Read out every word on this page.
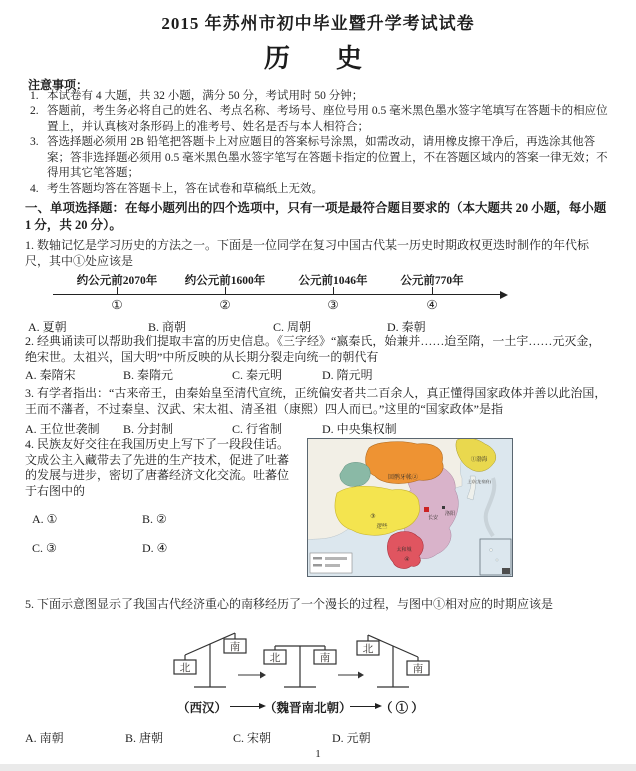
2015 年苏州市初中毕业暨升学考试试卷
历　史
注意事项：
1. 本试卷有 4 大题，共 32 小题，满分 50 分，考试用时 50 分钟；
2. 答题前，考生务必将自己的姓名、考点名称、考场号、座位号用 0.5 毫米黑色墨水签字笔填写在答题卡的相应位置上，并认真核对条形码上的准考号、姓名是否与本人相符合；
3. 答选择题必须用 2B 铅笔把答题卡上对应题目的答案标号涂黑，如需改动，请用橡皮擦干净后，再选涂其他答案；答非选择题必须用 0.5 毫米黑色墨水签字笔写在答题卡指定的位置上，不在答题区域内的答案一律无效；不得用其它笔答题；
4. 考生答题均答在答题卡上，答在试卷和草稿纸上无效。
一、单项选择题：在每小题列出的四个选项中，只有一项是最符合题目要求的（本大题共 20 小题，每小题 1 分，共 20 分）。
1. 数轴记忆是学习历史的方法之一。下面是一位同学在复习中国古代某一历史时期政权更迭时制作的年代标尺，其中①处应该是
约公元前2070年	约公元前1600年	公元前1046年	公元前770年
①	②	③	④
A. 夏朝	B. 商朝	C. 周朝	D. 秦朝
2. 经典诵读可以帮助我们提取丰富的历史信息。《三字经》“嬴秦氏，始兼并……迨至隋，一土宇……元灭金，绝宋世。太祖兴，国大明”中所反映的从长期分裂走向统一的朝代有
A. 秦隋宋	B. 秦隋元	C. 秦元明	D. 隋元明
3. 有学者指出：“古来帝王，由秦始皇至清代宣统，正统偏安者共二百余人，真正懂得国家政体并善以此治国，王而不藩者，不过秦皇、汉武、宋太祖、清圣祖（康熙）四人而已。”这里的“国家政体”是指
A. 王位世袭制 B. 分封制	C. 行省制	D. 中央集权制
4. 民族友好交往在我国历史上写下了一段段佳话。文成公主入藏带去了先进的生产技术，促进了吐蕃的发展与进步，密切了唐蕃经济文化交流。吐蕃位于右图中的
A. ①	B. ②
C. ③	D. ④
回鹘牙帐②
①渤海
上京(龙泉府)
③
逻些
长安
洛阳
太和城
④
5. 下面示意图显示了我国古代经济重心的南移经历了一个漫长的过程，与图中①相对应的时期应该是
北
南
北	南
北
南
（西汉）	（魏晋南北朝） （ ① ）
A. 南朝	B. 唐朝	C. 宋朝	D. 元朝
1
